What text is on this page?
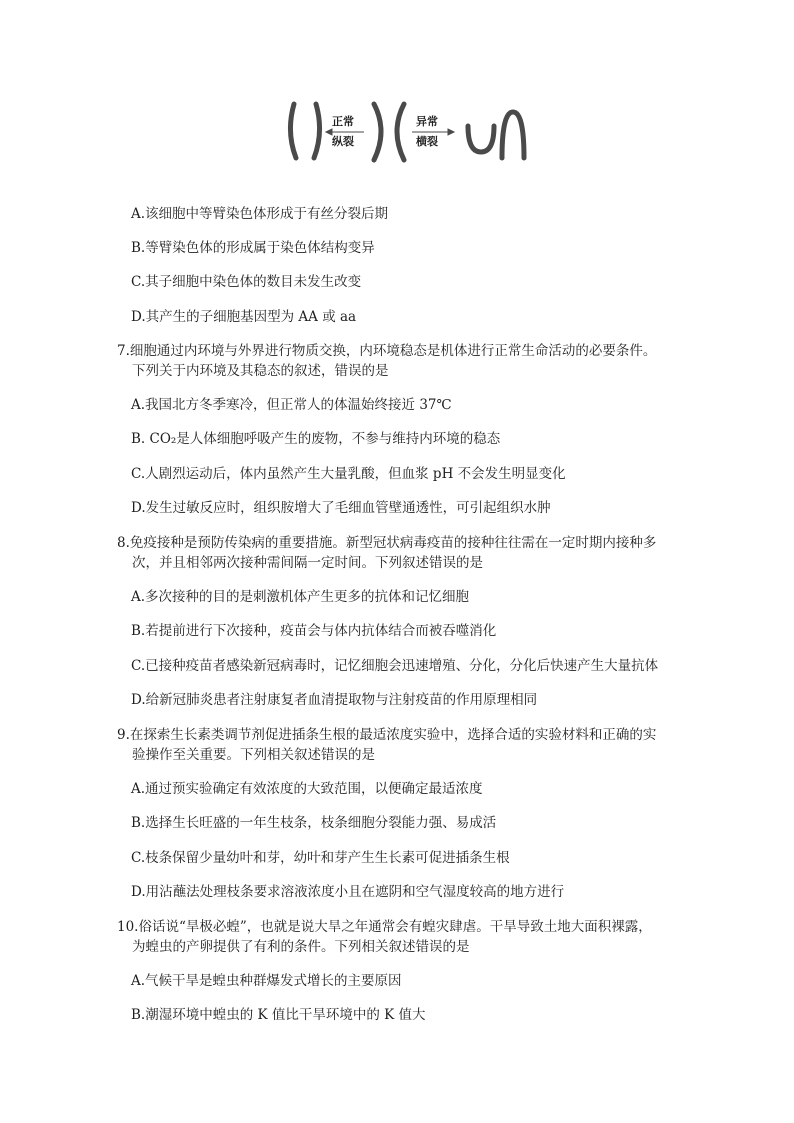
正常
纵裂
异常
横裂
A.该细胞中等臂染色体形成于有丝分裂后期
B.等臂染色体的形成属于染色体结构变异
C.其子细胞中染色体的数目未发生改变
D.其产生的子细胞基因型为 AA 或 aa
7.细胞通过内环境与外界进行物质交换，内环境稳态是机体进行正常生命活动的必要条件。
下列关于内环境及其稳态的叙述，错误的是
A.我国北方冬季寒冷，但正常人的体温始终接近 37℃
B. CO₂是人体细胞呼吸产生的废物，不参与维持内环境的稳态
C.人剧烈运动后，体内虽然产生大量乳酸，但血浆 pH 不会发生明显变化
D.发生过敏反应时，组织胺增大了毛细血管壁通透性，可引起组织水肿
8.免疫接种是预防传染病的重要措施。新型冠状病毒疫苗的接种往往需在一定时期内接种多
次，并且相邻两次接种需间隔一定时间。下列叙述错误的是
A.多次接种的目的是刺激机体产生更多的抗体和记忆细胞
B.若提前进行下次接种，疫苗会与体内抗体结合而被吞噬消化
C.已接种疫苗者感染新冠病毒时，记忆细胞会迅速增殖、分化，分化后快速产生大量抗体
D.给新冠肺炎患者注射康复者血清提取物与注射疫苗的作用原理相同
9.在探索生长素类调节剂促进插条生根的最适浓度实验中，选择合适的实验材料和正确的实
验操作至关重要。下列相关叙述错误的是
A.通过预实验确定有效浓度的大致范围，以便确定最适浓度
B.选择生长旺盛的一年生枝条，枝条细胞分裂能力强、易成活
C.枝条保留少量幼叶和芽，幼叶和芽产生生长素可促进插条生根
D.用沾蘸法处理枝条要求溶液浓度小且在遮阴和空气湿度较高的地方进行
10.俗话说“旱极必蝗”，也就是说大旱之年通常会有蝗灾肆虐。干旱导致土地大面积裸露，
为蝗虫的产卵提供了有利的条件。下列相关叙述错误的是
A.气候干旱是蝗虫种群爆发式增长的主要原因
B.潮湿环境中蝗虫的 K 值比干旱环境中的 K 值大
